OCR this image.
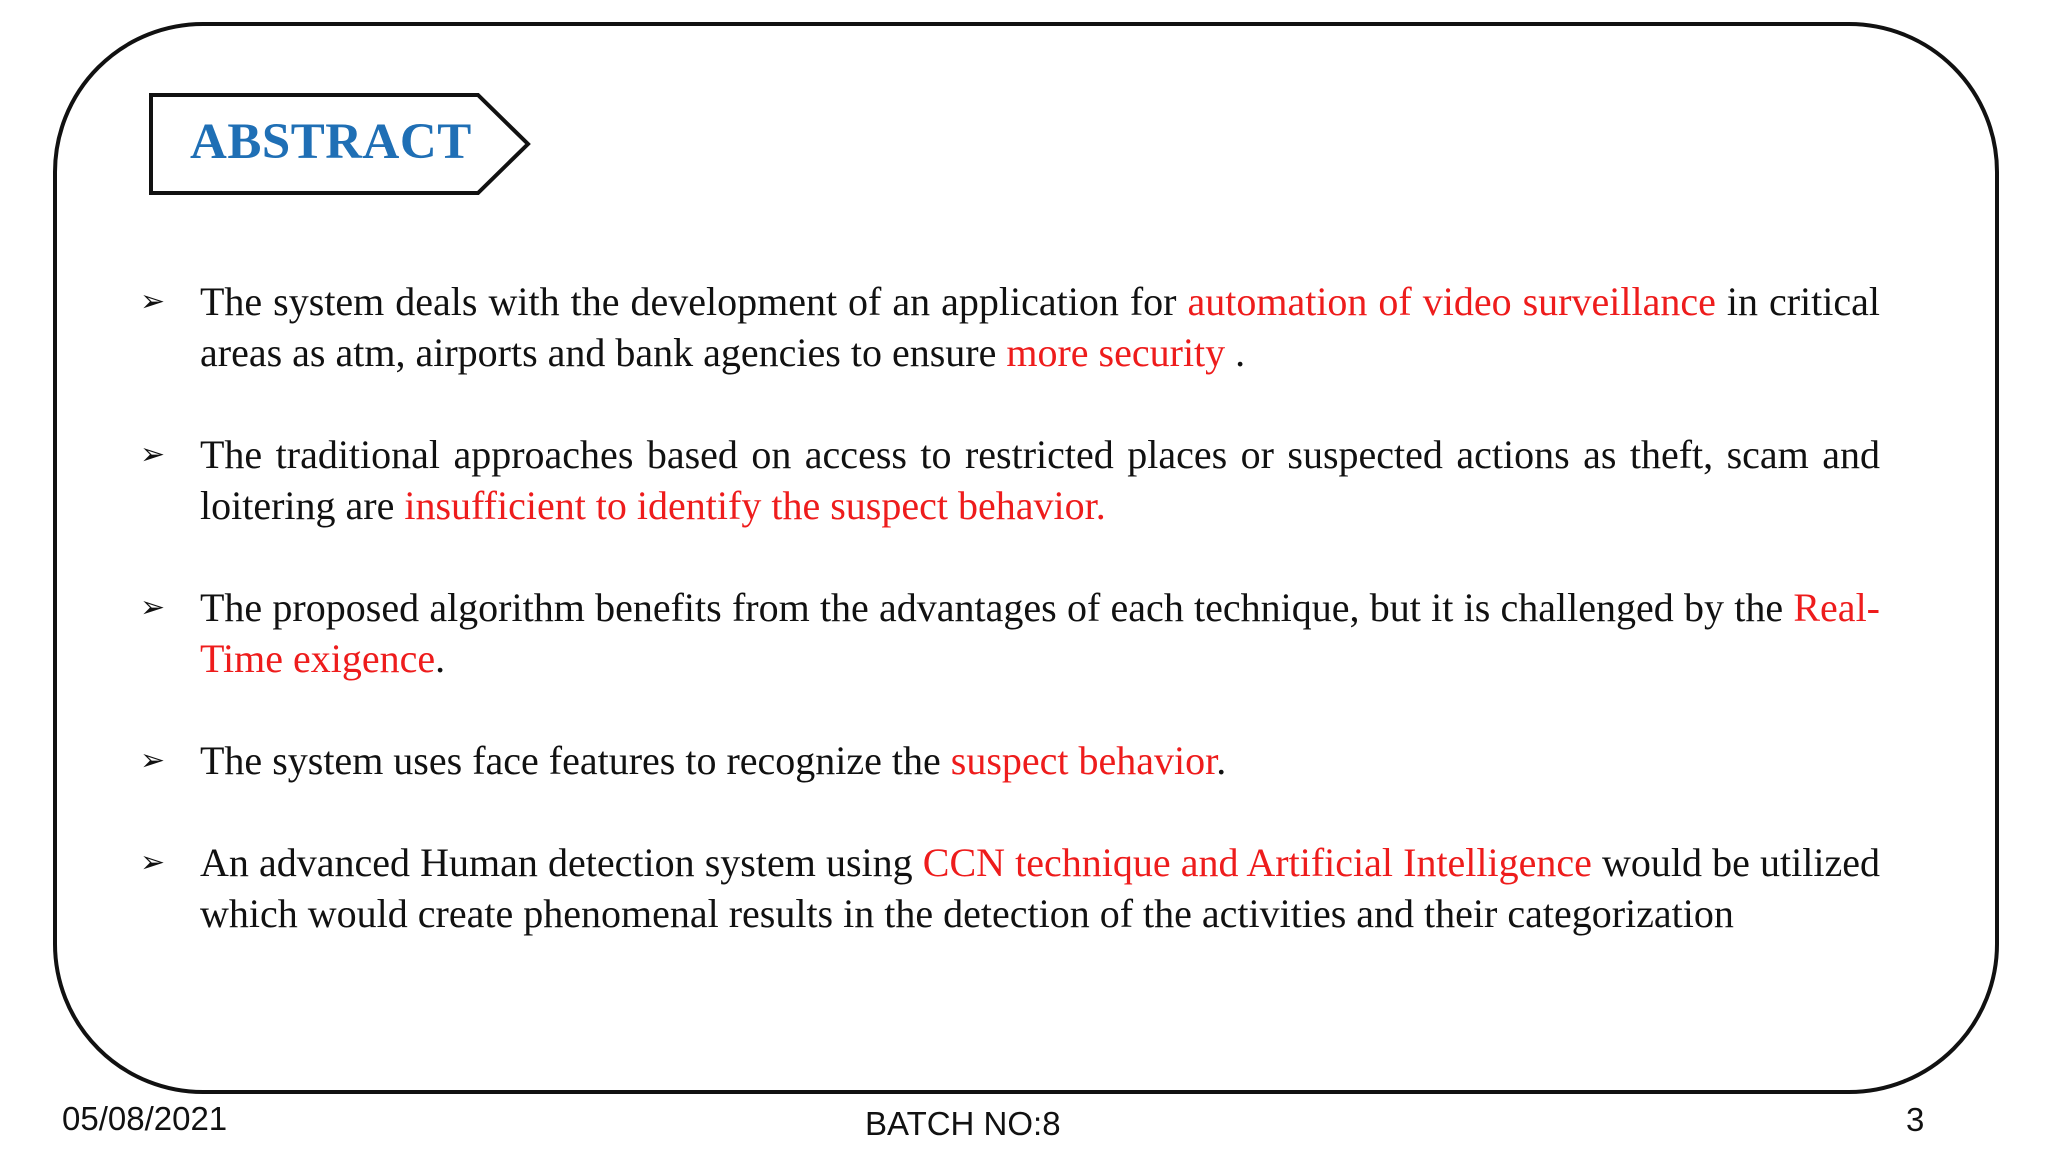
ABSTRACT
➢ The system deals with the development of an application for automation of video surveillance in critical areas as atm, airports and bank agencies to ensure more security .
➢ The traditional approaches based on access to restricted places or suspected actions as theft, scam and loitering are insufficient to identify the suspect behavior.
➢ The proposed algorithm benefits from the advantages of each technique, but it is challenged by the Real-Time exigence.
➢ The system uses face features to recognize the suspect behavior.
➢ An advanced Human detection system using CCN technique and Artificial Intelligence would be utilized which would create phenomenal results in the detection of the activities and their categorization
05/08/2021	BATCH NO:8	3
